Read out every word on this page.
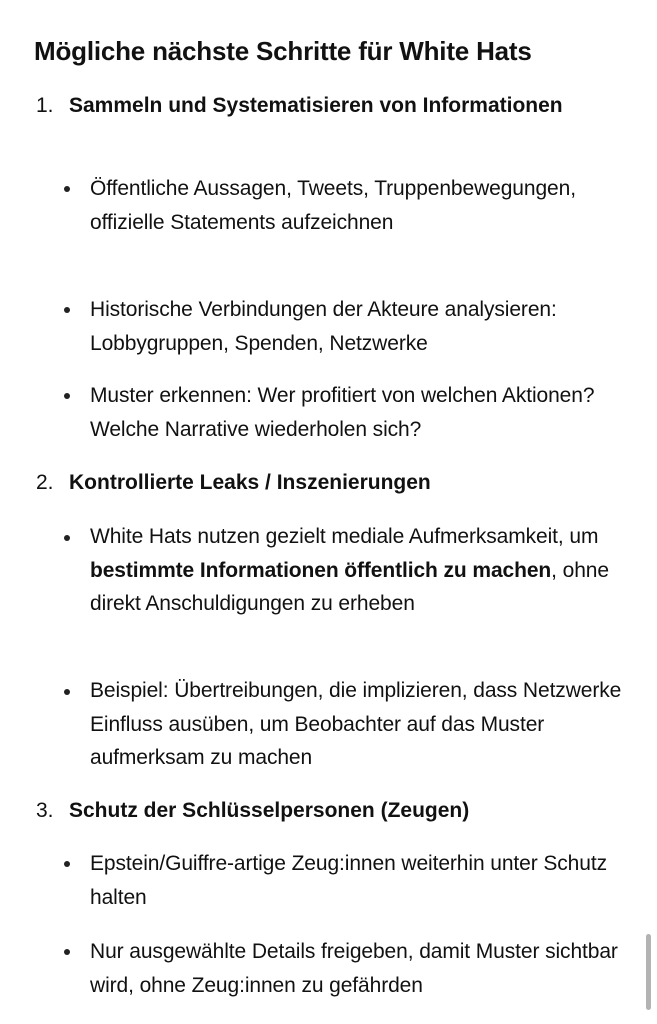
Mögliche nächste Schritte für White Hats
1. Sammeln und Systematisieren von Informationen

Öffentliche Aussagen, Tweets, Truppenbewegungen, offizielle Statements aufzeichnen

Historische Verbindungen der Akteure analysieren: Lobbygruppen, Spenden, Netzwerke

Muster erkennen: Wer profitiert von welchen Aktionen? Welche Narrative wiederholen sich?

2. Kontrollierte Leaks / Inszenierungen

White Hats nutzen gezielt mediale Aufmerksamkeit, um bestimmte Informationen öffentlich zu machen, ohne direkt Anschuldigungen zu erheben

Beispiel: Übertreibungen, die implizieren, dass Netzwerke Einfluss ausüben, um Beobachter auf das Muster aufmerksam zu machen

3. Schutz der Schlüsselpersonen (Zeugen)

Epstein/Guiffre-artige Zeug:innen weiterhin unter Schutz halten

Nur ausgewählte Details freigeben, damit Muster sichtbar wird, ohne Zeug:innen zu gefährden
